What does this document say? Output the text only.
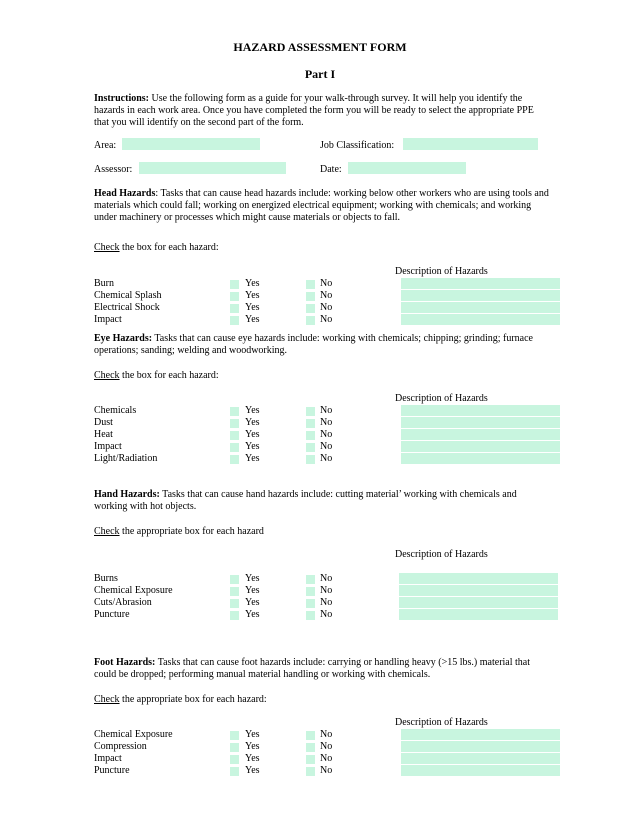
HAZARD ASSESSMENT FORM
Part I
Instructions: Use the following form as a guide for your walk-through survey. It will help you identify the hazards in each work area. Once you have completed the form you will be ready to select the appropriate PPE that you will identify on the second part of the form.
Area:	Job Classification:
Assessor:	Date:
Head Hazards: Tasks that can cause head hazards include: working below other workers who are using tools and materials which could fall; working on energized electrical equipment; working with chemicals; and working under machinery or processes which might cause materials or objects to fall.
Check the box for each hazard:
Description of Hazards
Burn	Yes	No
Chemical Splash	Yes	No
Electrical Shock	Yes	No
Impact	Yes	No
Eye Hazards: Tasks that can cause eye hazards include: working with chemicals; chipping; grinding; furnace operations; sanding; welding and woodworking.
Check the box for each hazard:
Description of Hazards
Chemicals	Yes	No
Dust	Yes	No
Heat	Yes	No
Impact	Yes	No
Light/Radiation	Yes	No
Hand Hazards: Tasks that can cause hand hazards include: cutting material’ working with chemicals and working with hot objects.
Check the appropriate box for each hazard
Description of Hazards
Burns	Yes	No
Chemical Exposure	Yes	No
Cuts/Abrasion	Yes	No
Puncture	Yes	No
Foot Hazards: Tasks that can cause foot hazards include: carrying or handling heavy (>15 lbs.) material that could be dropped; performing manual material handling or working with chemicals.
Check the appropriate box for each hazard:
Description of Hazards
Chemical Exposure	Yes	No
Compression	Yes	No
Impact	Yes	No
Puncture	Yes	No
